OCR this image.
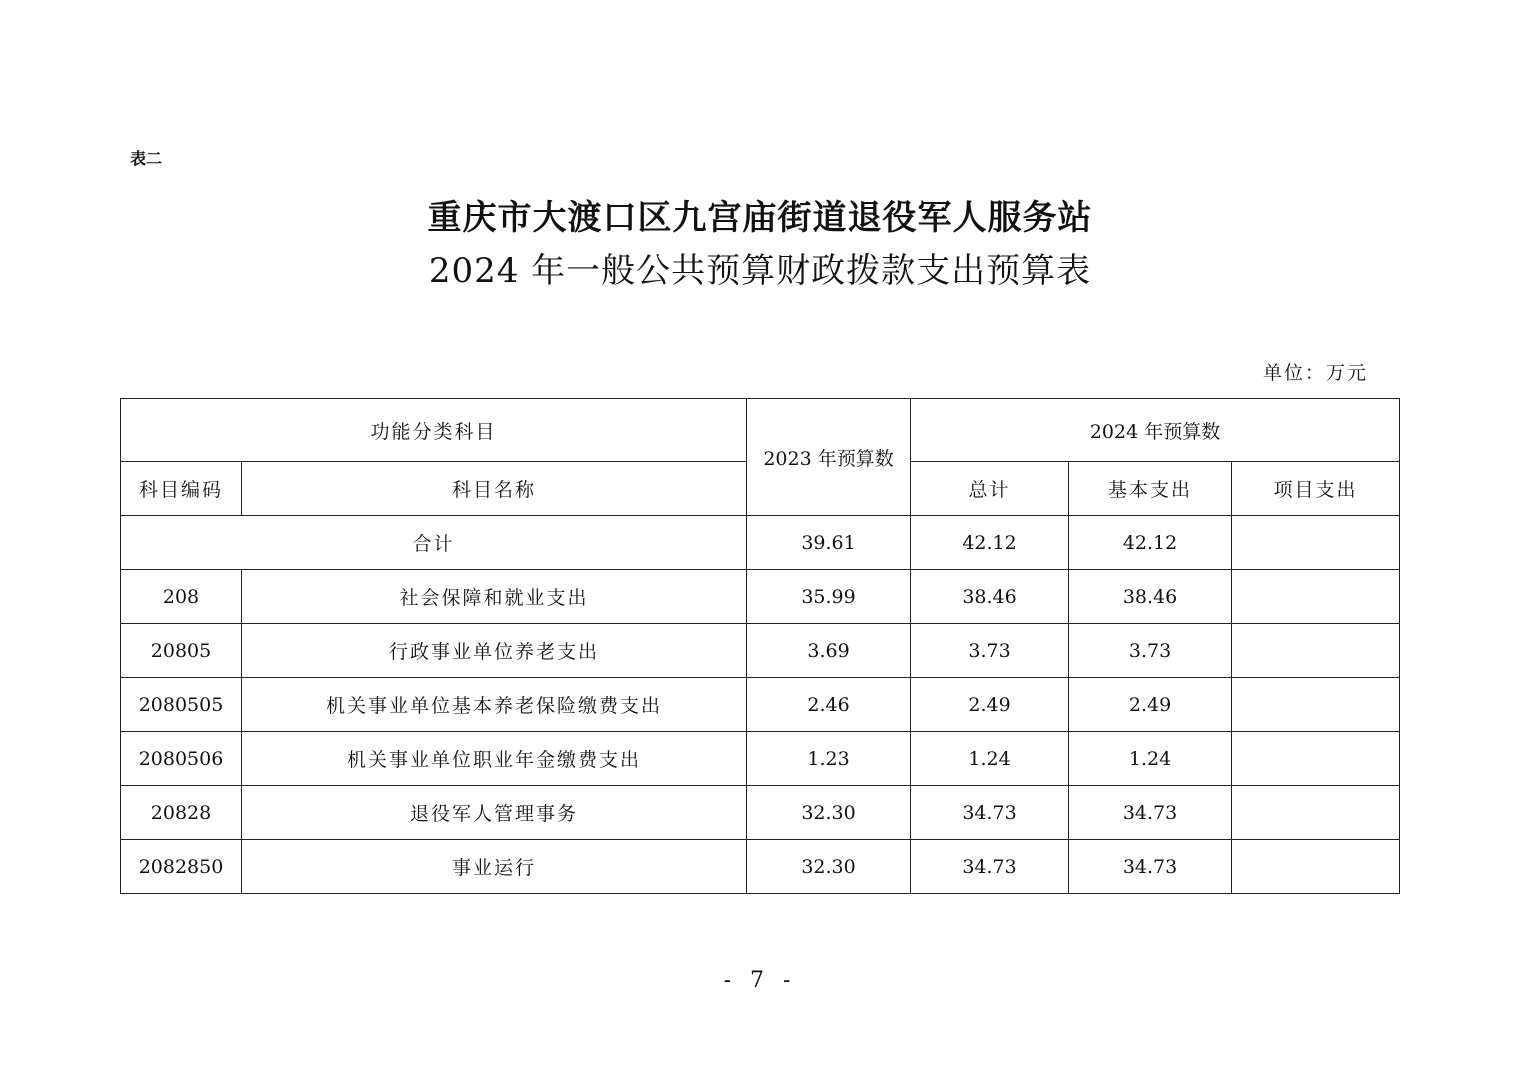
表二
重庆市大渡口区九宫庙街道退役军人服务站
2024 年一般公共预算财政拨款支出预算表
单位：万元
功能分类科目		2023 年预算数	2024 年预算数		
科目编码	科目名称		总计	基本支出	项目支出
合计		39.61	42.12	42.12	
208	社会保障和就业支出	35.99	38.46	38.46	
20805	行政事业单位养老支出	3.69	3.73	3.73	
2080505	机关事业单位基本养老保险缴费支出	2.46	2.49	2.49	
2080506	机关事业单位职业年金缴费支出	1.23	1.24	1.24	
20828	退役军人管理事务	32.30	34.73	34.73	
2082850	事业运行	32.30	34.73	34.73	
- 7 -
